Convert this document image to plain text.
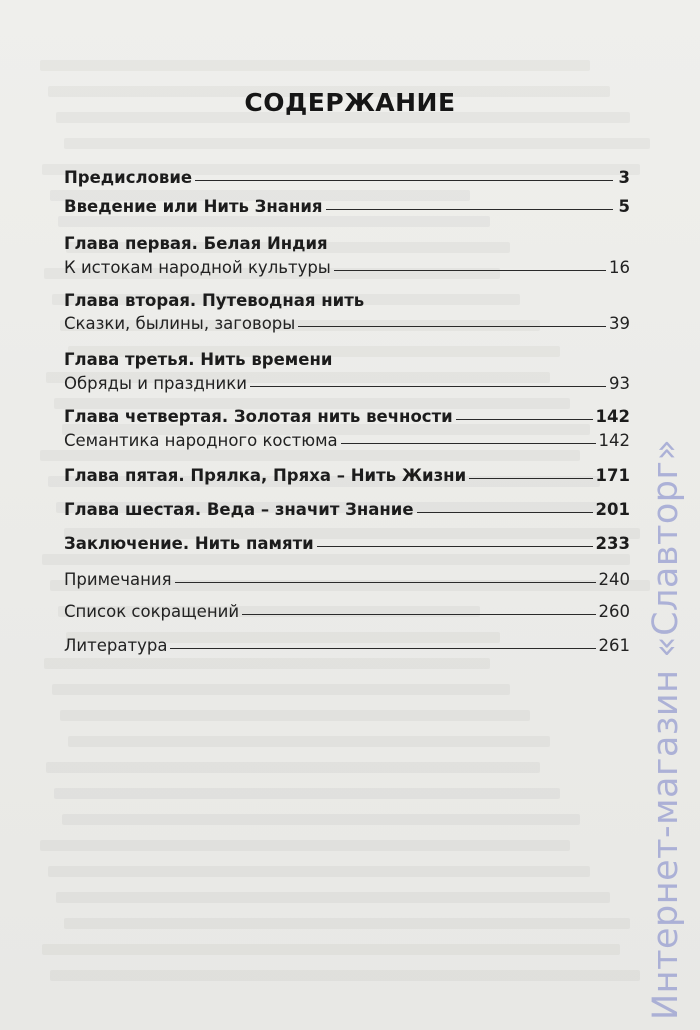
СОДЕРЖАНИЕ
Предисловие	3
Введение или Нить Знания	5
Глава первая. Белая Индия
К истокам народной культуры	16
Глава вторая. Путеводная нить
Сказки, былины, заговоры	39
Глава третья. Нить времени
Обряды и праздники	93
Глава четвертая. Золотая нить вечности	142
Семантика народного костюма	142
Глава пятая. Прялка, Пряха – Нить Жизни	171
Глава шестая. Веда – значит Знание	201
Заключение. Нить памяти	233
Примечания	240
Список сокращений	260
Литература	261 Интернет-магазин «Славторг»
